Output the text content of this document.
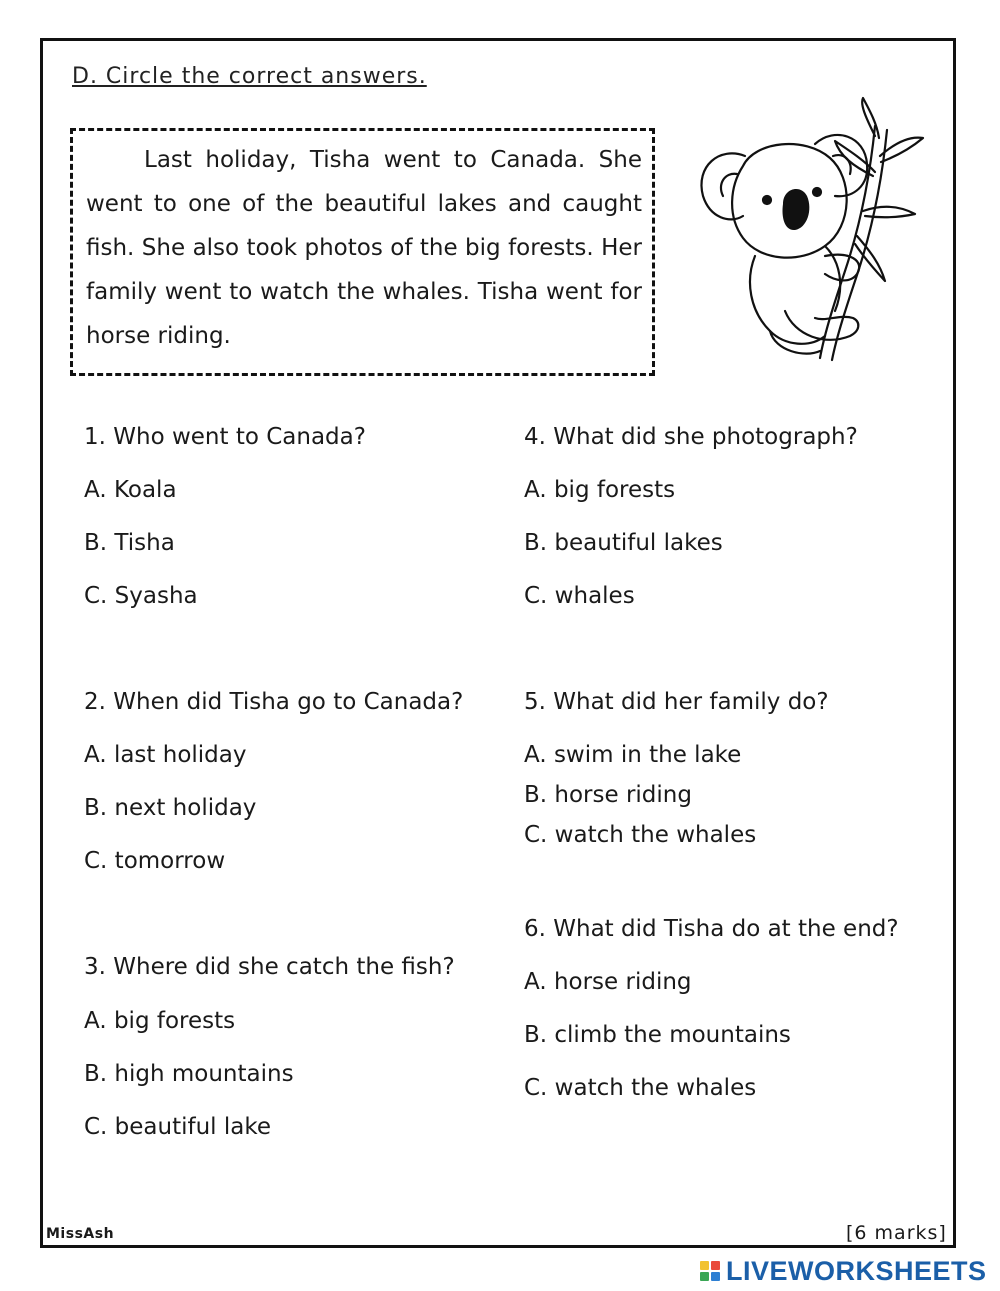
D. Circle the correct answers.

Last holiday, Tisha went to Canada. She went to one of the beautiful lakes and caught fish. She also took photos of the big forests. Her family went to watch the whales. Tisha went for horse riding.

1. Who went to Canada?

A. Koala

B. Tisha

C. Syasha

2. When did Tisha go to Canada?

A. last holiday

B. next holiday

C. tomorrow

3. Where did she catch the fish?

A. big forests

B. high mountains

C. beautiful lake

4. What did she photograph?

A. big forests

B. beautiful lakes

C. whales

5. What did her family do?

A. swim in the lake

B. horse riding

C. watch the whales

6. What did Tisha do at the end?

A. horse riding

B. climb the mountains

C. watch the whales

MissAsh	[6 marks]
LIVEWORKSHEETS
